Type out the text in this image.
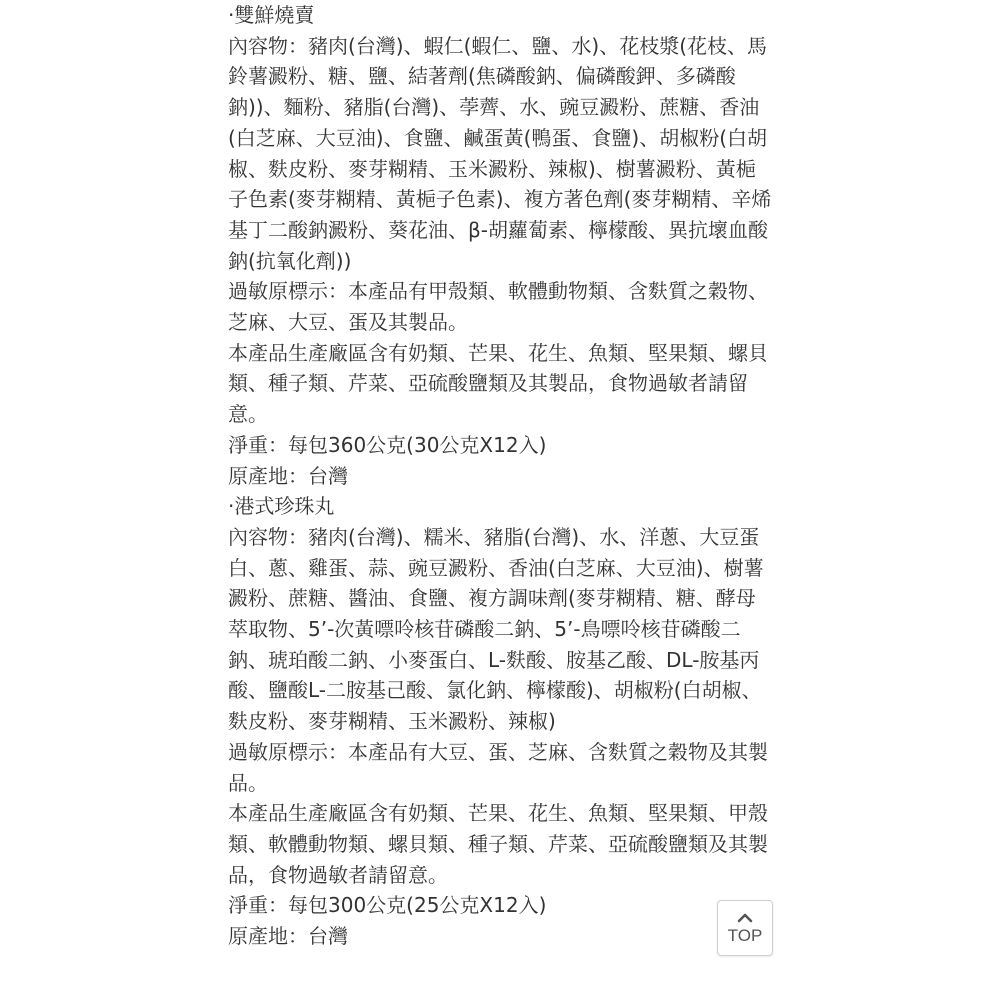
·雙鮮燒賣
內容物：豬肉(台灣)、蝦仁(蝦仁、鹽、水)、花枝漿(花枝、馬鈴薯澱粉、糖、鹽、結著劑(焦磷酸鈉、偏磷酸鉀、多磷酸鈉))、麵粉、豬脂(台灣)、荸薺、水、豌豆澱粉、蔗糖、香油(白芝麻、大豆油)、食鹽、鹹蛋黃(鴨蛋、食鹽)、胡椒粉(白胡椒、麩皮粉、麥芽糊精、玉米澱粉、辣椒)、樹薯澱粉、黃梔子色素(麥芽糊精、黃梔子色素)、複方著色劑(麥芽糊精、辛烯基丁二酸鈉澱粉、葵花油、β-胡蘿蔔素、檸檬酸、異抗壞血酸鈉(抗氧化劑))
過敏原標示：本產品有甲殼類、軟體動物類、含麩質之穀物、芝麻、大豆、蛋及其製品。
本產品生產廠區含有奶類、芒果、花生、魚類、堅果類、螺貝類、種子類、芹菜、亞硫酸鹽類及其製品，食物過敏者請留意。
淨重：每包360公克(30公克X12入)
原產地：台灣
·港式珍珠丸
內容物：豬肉(台灣)、糯米、豬脂(台灣)、水、洋蔥、大豆蛋白、蔥、雞蛋、蒜、豌豆澱粉、香油(白芝麻、大豆油)、樹薯澱粉、蔗糖、醬油、食鹽、複方調味劑(麥芽糊精、糖、酵母萃取物、5’-次黃嘌呤核苷磷酸二鈉、5’-鳥嘌呤核苷磷酸二鈉、琥珀酸二鈉、小麥蛋白、L-麩酸、胺基乙酸、DL-胺基丙酸、鹽酸L-二胺基己酸、氯化鈉、檸檬酸)、胡椒粉(白胡椒、麩皮粉、麥芽糊精、玉米澱粉、辣椒)
過敏原標示：本產品有大豆、蛋、芝麻、含麩質之穀物及其製品。
本產品生產廠區含有奶類、芒果、花生、魚類、堅果類、甲殼類、軟體動物類、螺貝類、種子類、芹菜、亞硫酸鹽類及其製品，食物過敏者請留意。
淨重：每包300公克(25公克X12入)
原產地：台灣	TOP
